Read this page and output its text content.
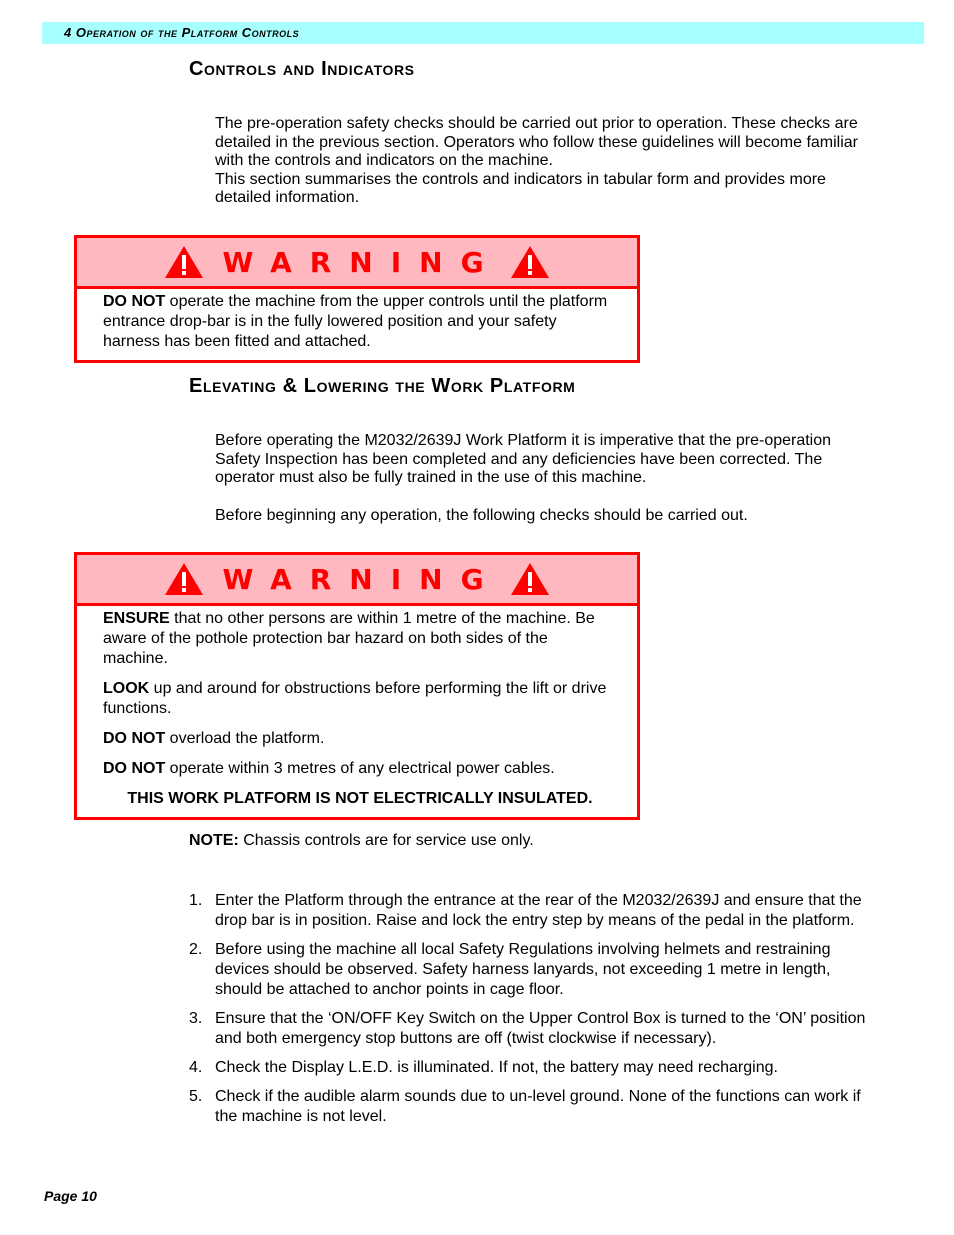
4 Operation of the Platform Controls
Controls and Indicators

The pre-operation safety checks should be carried out prior to operation. These checks are detailed in the previous section. Operators who follow these guidelines will become familiar with the controls and indicators on the machine.

This section summarises the controls and indicators in tabular form and provides more detailed information.

WARNING

DO NOT operate the machine from the upper controls until the platform entrance drop-bar is in the fully lowered position and your safety harness has been fitted and attached.

Elevating & Lowering the Work Platform

Before operating the M2032/2639J Work Platform it is imperative that the pre-operation Safety Inspection has been completed and any deficiencies have been corrected. The operator must also be fully trained in the use of this machine.

Before beginning any operation, the following checks should be carried out.

WARNING

ENSURE that no other persons are within 1 metre of the machine. Be aware of the pothole protection bar hazard on both sides of the machine.

LOOK up and around for obstructions before performing the lift or drive functions.

DO NOT overload the platform.

DO NOT operate within 3 metres of any electrical power cables.

THIS WORK PLATFORM IS NOT ELECTRICALLY INSULATED.

NOTE: Chassis controls are for service use only.
1. Enter the Platform through the entrance at the rear of the M2032/2639J and ensure that the drop bar is in position. Raise and lock the entry step by means of the pedal in the platform.
2. Before using the machine all local Safety Regulations involving helmets and restraining devices should be observed. Safety harness lanyards, not exceeding 1 metre in length, should be attached to anchor points in cage floor.
3. Ensure that the ‘ON/OFF Key Switch on the Upper Control Box is turned to the ‘ON’ position and both emergency stop buttons are off (twist clockwise if necessary).
4. Check the Display L.E.D. is illuminated. If not, the battery may need recharging.
5. Check if the audible alarm sounds due to un-level ground. None of the functions can work if the machine is not level.
Page 10
